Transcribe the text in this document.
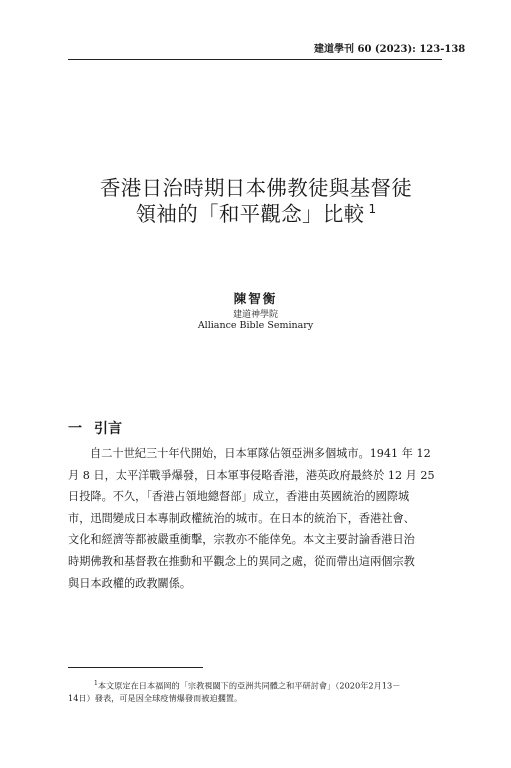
建道學刊 60 (2023): 123-138
香港日治時期日本佛教徒與基督徒
領袖的「和平觀念」比較 $^1$
陳智衡
建道神學院
Alliance Bible Seminary
一 引言
自二十世紀三十年代開始，日本軍隊佔領亞洲多個城市。1941 年 12
月 8 日，太平洋戰爭爆發，日本軍事侵略香港，港英政府最終於 12 月 25
日投降。不久，「香港占領地總督部」成立，香港由英國統治的國際城
市，迅間變成日本專制政權統治的城市。在日本的統治下，香港社會、
文化和經濟等都被嚴重衝擊，宗教亦不能倖免。本文主要討論香港日治
時期佛教和基督教在推動和平觀念上的異同之處，從而帶出這兩個宗教
與日本政權的政教關係。
$^1$本文原定在日本福岡的「宗教視閾下的亞洲共同體之和平研討會」（2020年2月13－
14日）發表，可是因全球疫情爆發而被迫擱置。
